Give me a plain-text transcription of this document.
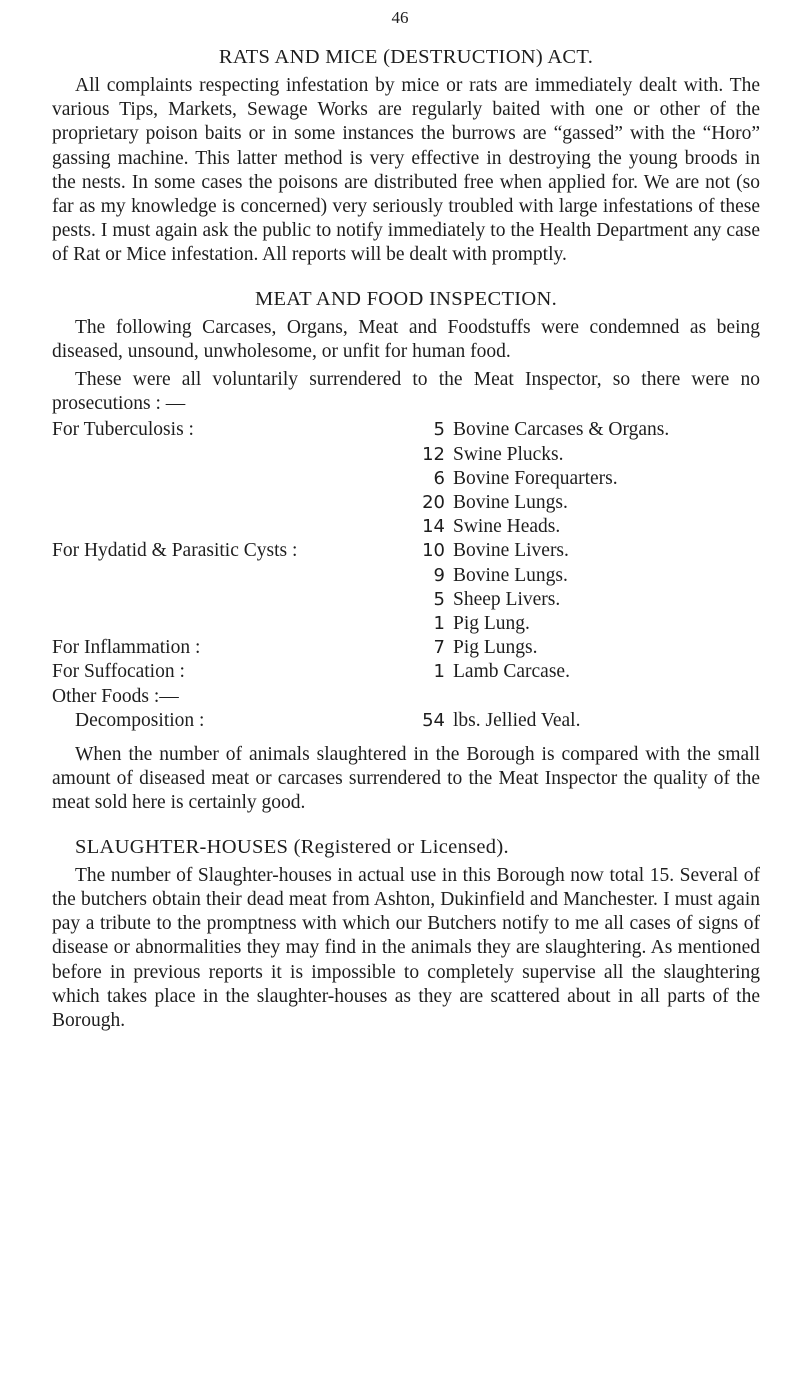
46
RATS AND MICE (DESTRUCTION) ACT.

All complaints respecting infestation by mice or rats are immediately dealt with. The various Tips, Markets, Sewage Works are regularly baited with one or other of the proprietary poison baits or in some instances the burrows are “gassed” with the “Horo” gassing machine. This latter method is very effective in destroying the young broods in the nests. In some cases the poisons are distributed free when applied for. We are not (so far as my knowledge is concerned) very seriously troubled with large infestations of these pests. I must again ask the public to notify immediately to the Health Department any case of Rat or Mice infestation. All reports will be dealt with promptly.

MEAT AND FOOD INSPECTION.

The following Carcases, Organs, Meat and Foodstuffs were condemned as being diseased, unsound, unwholesome, or unfit for human food.

These were all voluntarily surrendered to the Meat Inspector, so there were no prosecutions : —

For Tuberculosis :	5 Bovine Carcases & Organs.
12 Swine Plucks.
6 Bovine Forequarters.
20 Bovine Lungs.
14 Swine Heads.
For Hydatid & Parasitic Cysts :	10 Bovine Livers.
9 Bovine Lungs.
5 Sheep Livers.
1 Pig Lung.
For Inflammation :	7 Pig Lungs.
For Suffocation :	1 Lamb Carcase.
Other Foods :—
Decomposition :	54 lbs. Jellied Veal.

When the number of animals slaughtered in the Borough is compared with the small amount of diseased meat or carcases surrendered to the Meat Inspector the quality of the meat sold here is certainly good.

SLAUGHTER-HOUSES (Registered or Licensed).

The number of Slaughter-houses in actual use in this Borough now total 15. Several of the butchers obtain their dead meat from Ashton, Dukinfield and Manchester. I must again pay a tribute to the promptness with which our Butchers notify to me all cases of signs of disease or abnormalities they may find in the animals they are slaughtering. As mentioned before in previous reports it is impossible to completely supervise all the slaughtering which takes place in the slaughter-houses as they are scattered about in all parts of the Borough.
